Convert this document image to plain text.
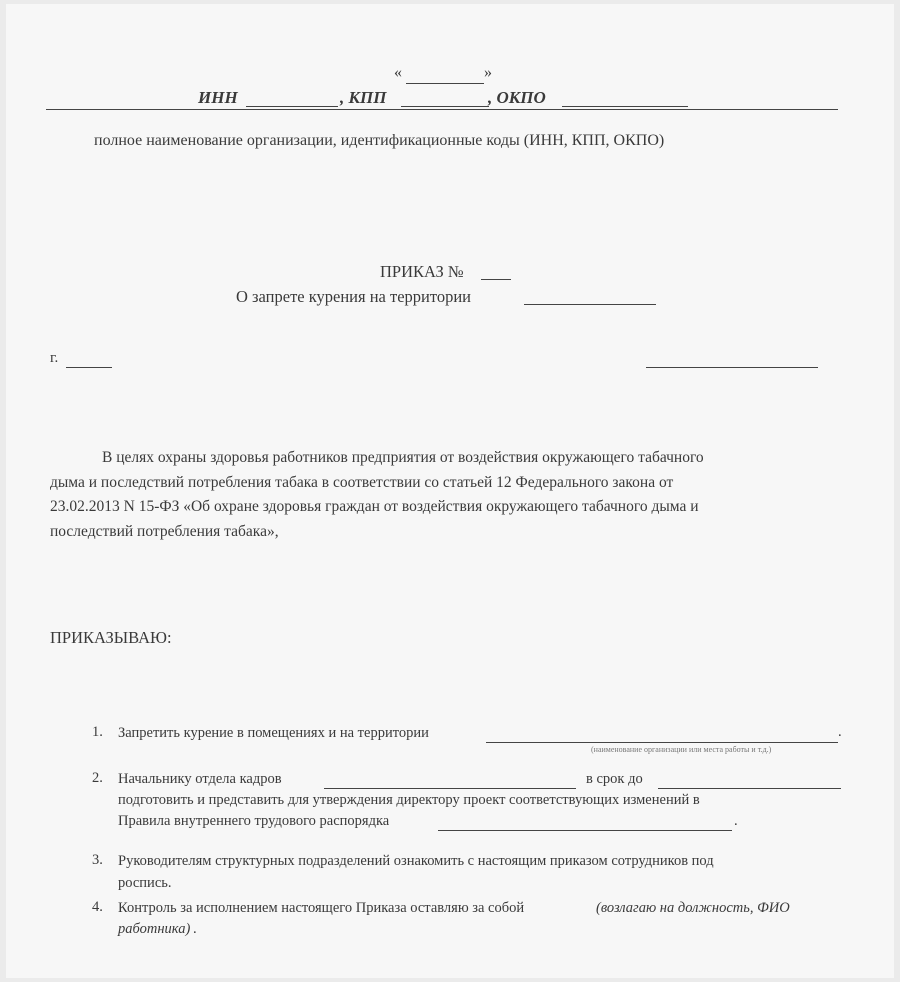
«	»
ИНН	, КПП	, ОКПО
полное наименование организации, идентификационные коды (ИНН, КПП, ОКПО)
ПРИКАЗ №
О запрете курения на территории
г.
В целях охраны здоровья работников предприятия от воздействия окружающего табачного
дыма и последствий потребления табака в соответствии со статьей 12 Федерального закона от
23.02.2013 N 15-ФЗ «Об охране здоровья граждан от воздействия окружающего табачного дыма и
последствий потребления табака»,
ПРИКАЗЫВАЮ:
1. Запретить курение в помещениях и на территории	.
(наименование организации или места работы и т.д.)
2. Начальнику отдела кадров	в срок до
подготовить и представить для утверждения директору проект соответствующих изменений в
Правила внутреннего трудового распорядка	.
3. Руководителям структурных подразделений ознакомить с настоящим приказом сотрудников под
роспись.
4. Контроль за исполнением настоящего Приказа оставляю за собой	(возлагаю на должность, ФИО
работника) .
